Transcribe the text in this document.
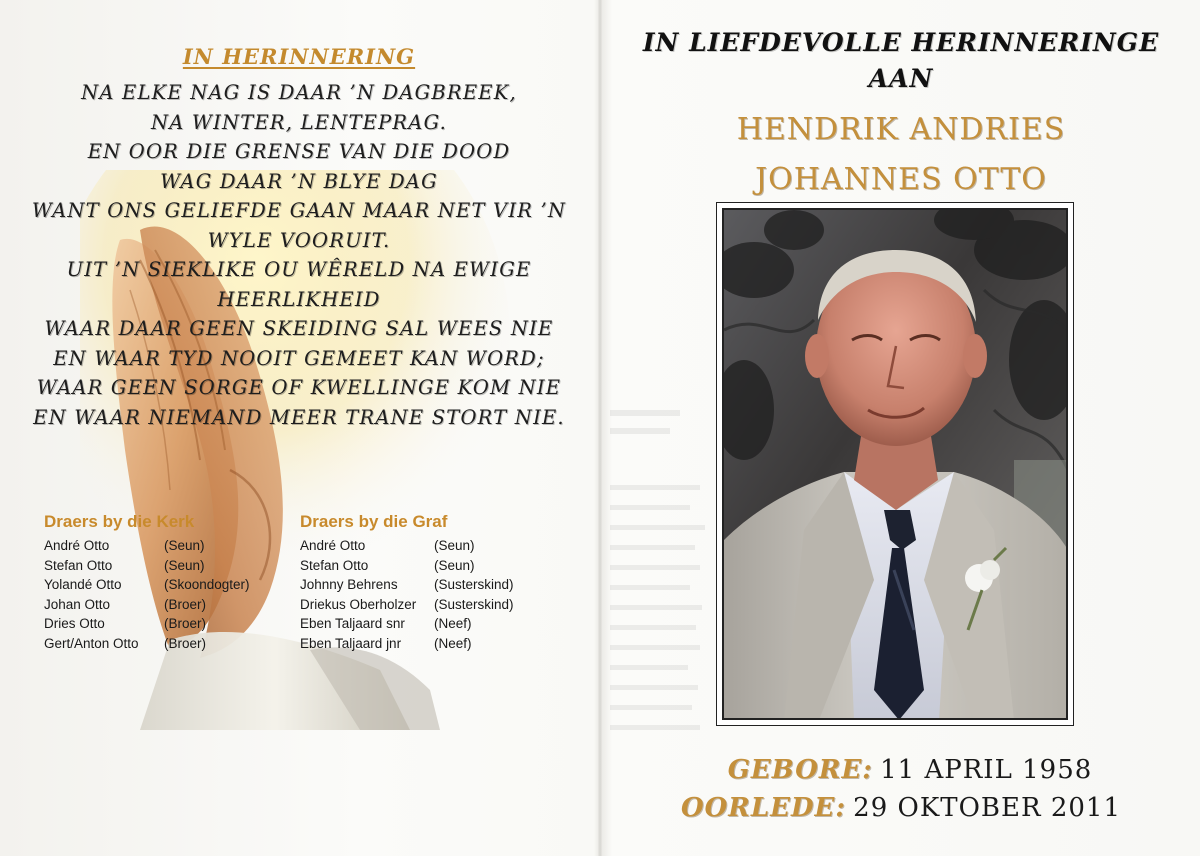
IN HERINNERING
NA ELKE NAG IS DAAR ’N DAGBREEK,
NA WINTER, LENTEPRAG.
EN OOR DIE GRENSE VAN DIE DOOD
WAG DAAR ’N BLYE DAG
WANT ONS GELIEFDE GAAN MAAR NET VIR ’N
WYLE VOORUIT.
UIT ’N SIEKLIKE OU WÊRELD NA EWIGE
HEERLIKHEID
WAAR DAAR GEEN SKEIDING SAL WEES NIE
EN WAAR TYD NOOIT GEMEET KAN WORD;
WAAR GEEN SORGE OF KWELLINGE KOM NIE
EN WAAR NIEMAND MEER TRANE STORT NIE.
Draers by die Kerk
André Otto	(Seun)
Stefan Otto	(Seun)
Yolandé Otto	(Skoondogter)
Johan Otto	(Broer)
Dries Otto	(Broer)
Gert/Anton Otto	(Broer)
Draers by die Graf
André Otto	(Seun)
Stefan Otto	(Seun)
Johnny Behrens	(Susterskind)
Driekus Oberholzer	(Susterskind)
Eben Taljaard snr	(Neef)
Eben Taljaard jnr	(Neef)
IN LIEFDEVOLLE HERINNERINGE
AAN
HENDRIK ANDRIES
JOHANNES OTTO
GEBORE: 11 APRIL 1958
OORLEDE: 29 OKTOBER 2011
